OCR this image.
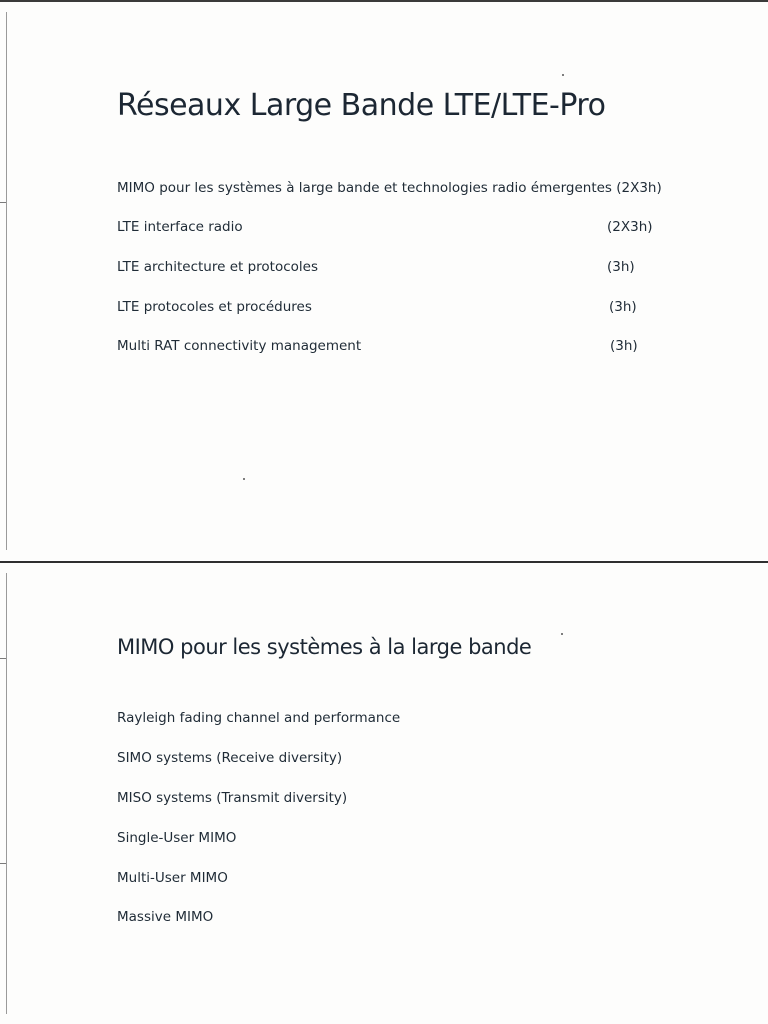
Réseaux Large Bande LTE/LTE-Pro
MIMO pour les systèmes à large bande et technologies radio émergentes (2X3h)
LTE interface radio	(2X3h)
LTE architecture et protocoles	(3h)
LTE protocoles et procédures	(3h)
Multi RAT connectivity management	(3h)
MIMO pour les systèmes à la large bande
Rayleigh fading channel and performance
SIMO systems (Receive diversity)
MISO systems (Transmit diversity)
Single-User MIMO
Multi-User MIMO
Massive MIMO
